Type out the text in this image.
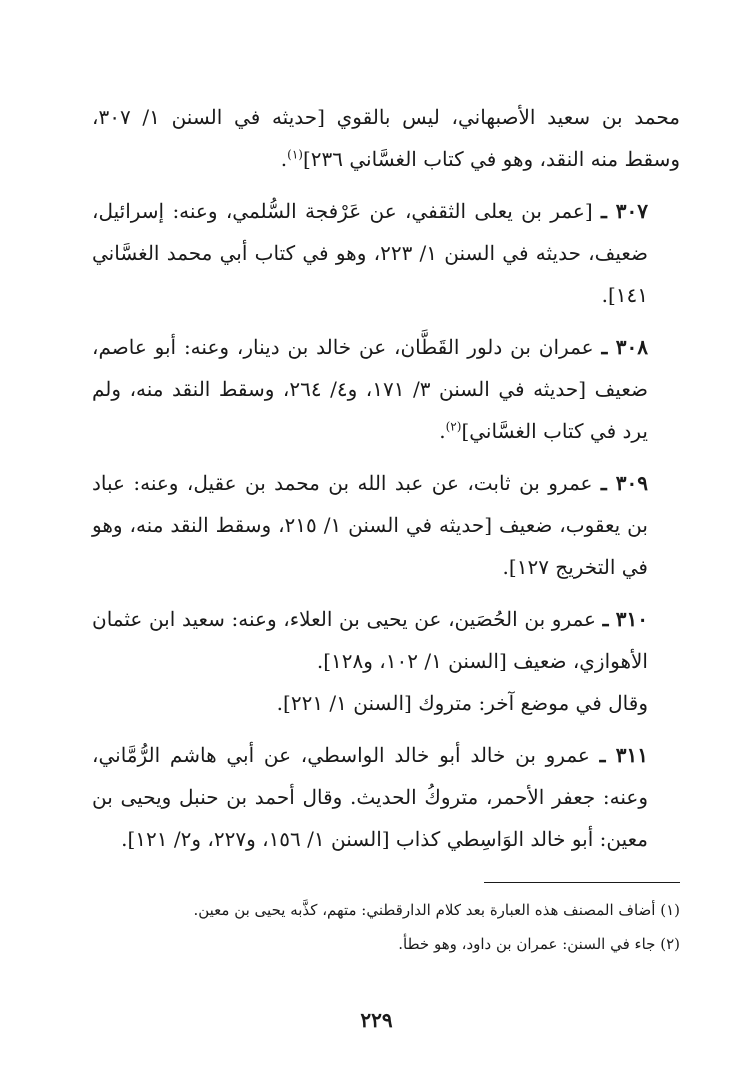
محمد بن سعيد الأصبهاني، ليس بالقوي [حديثه في السنن ١/ ٣٠٧، وسقط منه النقد، وهو في كتاب الغسَّاني ٢٣٦]$^{(١)}$.

٣٠٧ ـ [عمر بن يعلى الثقفي، عن عَرْفجة السُّلمي، وعنه: إسرائيل، ضعيف، حديثه في السنن ١/ ٢٢٣، وهو في كتاب أبي محمد الغسَّاني ١٤١].

٣٠٨ ـ عمران بن دلور القَطَّان، عن خالد بن دينار، وعنه: أبو عاصم، ضعيف [حديثه في السنن ٣/ ١٧١، و٤/ ٢٦٤، وسقط النقد منه، ولم يرد في كتاب الغسَّاني]$^{(٢)}$.

٣٠٩ ـ عمرو بن ثابت، عن عبد الله بن محمد بن عقيل، وعنه: عباد بن يعقوب، ضعيف [حديثه في السنن ١/ ٢١٥، وسقط النقد منه، وهو في التخريج ١٢٧].

٣١٠ ـ عمرو بن الحُصَين، عن يحيى بن العلاء، وعنه: سعيد ابن عثمان الأهوازي، ضعيف [السنن ١/ ١٠٢، و١٢٨].

وقال في موضع آخر: متروك [السنن ١/ ٢٢١].

٣١١ ـ عمرو بن خالد أبو خالد الواسطي، عن أبي هاشم الرُّمَّاني، وعنه: جعفر الأحمر، متروكُ الحديث. وقال أحمد بن حنبل ويحيى بن معين: أبو خالد الوَاسِطي كذاب [السنن ١/ ١٥٦، و٢٢٧، و٢/ ١٢١].

(١) أضاف المصنف هذه العبارة بعد كلام الدارقطني: متهم، كذَّبه يحيى بن معين.

(٢) جاء في السنن: عمران بن داود، وهو خطأ.

٢٢٩
